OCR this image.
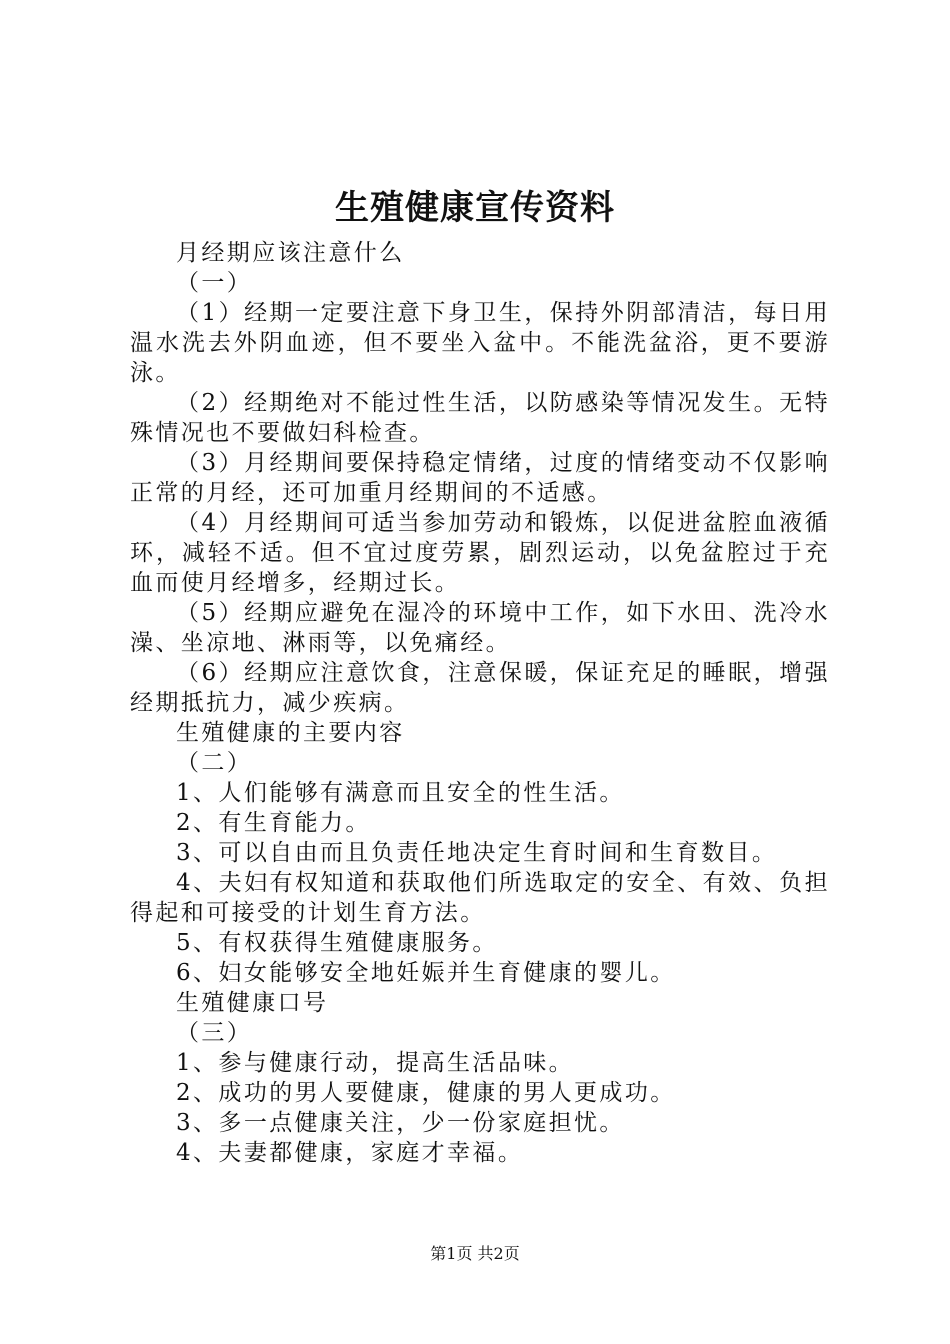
生殖健康宣传资料

月经期应该注意什么

（一）

（1）经期一定要注意下身卫生，保持外阴部清洁，每日用温水洗去外阴血迹，但不要坐入盆中。不能洗盆浴，更不要游泳。

（2）经期绝对不能过性生活，以防感染等情况发生。无特殊情况也不要做妇科检查。

（3）月经期间要保持稳定情绪，过度的情绪变动不仅影响正常的月经，还可加重月经期间的不适感。

（4）月经期间可适当参加劳动和锻炼，以促进盆腔血液循环，减轻不适。但不宜过度劳累，剧烈运动，以免盆腔过于充血而使月经增多，经期过长。

（5）经期应避免在湿冷的环境中工作，如下水田、洗冷水澡、坐凉地、淋雨等，以免痛经。

（6）经期应注意饮食，注意保暖，保证充足的睡眠，增强经期抵抗力，减少疾病。

生殖健康的主要内容

（二）

1、人们能够有满意而且安全的性生活。

2、有生育能力。

3、可以自由而且负责任地决定生育时间和生育数目。

4、夫妇有权知道和获取他们所选取定的安全、有效、负担得起和可接受的计划生育方法。

5、有权获得生殖健康服务。

6、妇女能够安全地妊娠并生育健康的婴儿。

生殖健康口号

（三）

1、参与健康行动，提高生活品味。

2、成功的男人要健康，健康的男人更成功。

3、多一点健康关注，少一份家庭担忧。

4、夫妻都健康，家庭才幸福。

第1页 共2页
